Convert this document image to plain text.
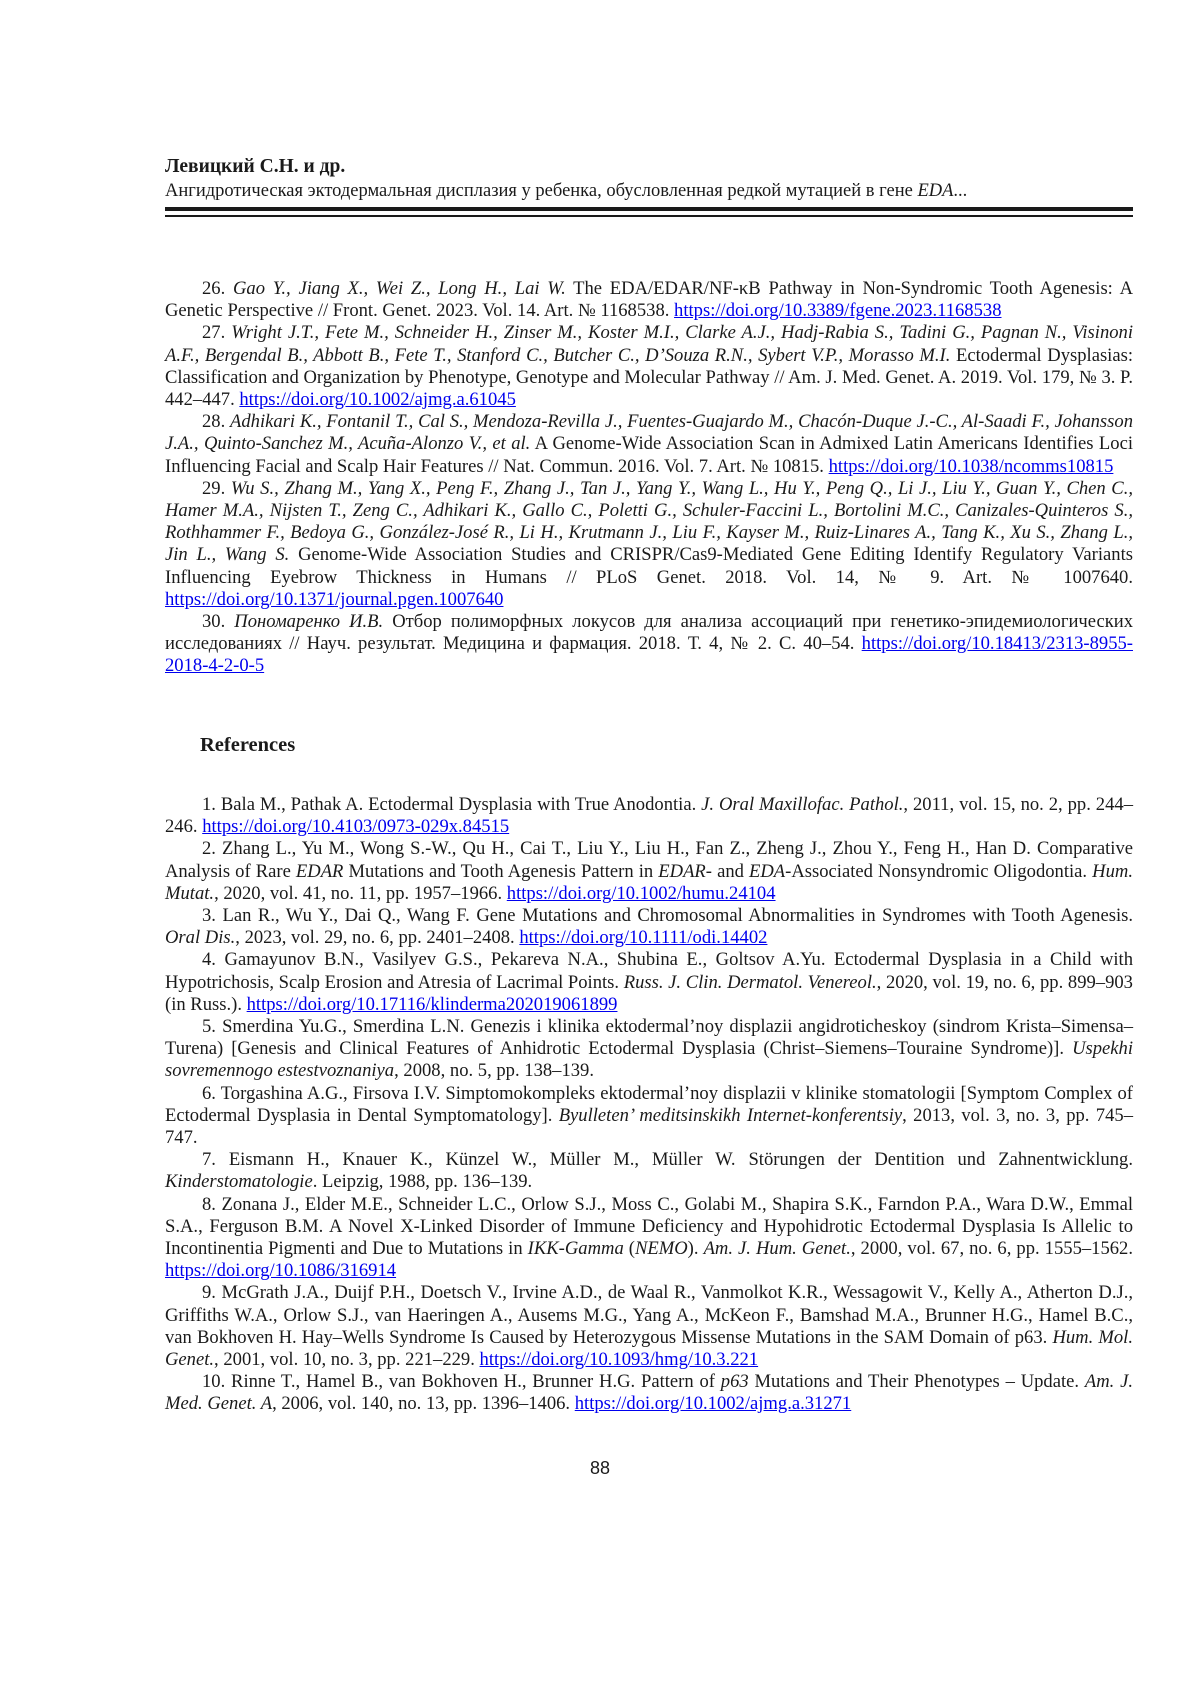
Левицкий С.Н. и др.
Ангидротическая эктодермальная дисплазия у ребенка, обусловленная редкой мутацией в гене EDA...

26. Gao Y., Jiang X., Wei Z., Long H., Lai W. The EDA/EDAR/NF-κB Pathway in Non-Syndromic Tooth Agenesis: A Genetic Perspective // Front. Genet. 2023. Vol. 14. Art. № 1168538. https://doi.org/10.3389/fgene.2023.1168538

27. Wright J.T., Fete M., Schneider H., Zinser M., Koster M.I., Clarke A.J., Hadj-Rabia S., Tadini G., Pagnan N., Visinoni A.F., Bergendal B., Abbott B., Fete T., Stanford C., Butcher C., D’Souza R.N., Sybert V.P., Morasso M.I. Ectodermal Dysplasias: Classification and Organization by Phenotype, Genotype and Molecular Pathway // Am. J. Med. Genet. A. 2019. Vol. 179, № 3. P. 442–447. https://doi.org/10.1002/ajmg.a.61045

28. Adhikari K., Fontanil T., Cal S., Mendoza-Revilla J., Fuentes-Guajardo M., Chacón-Duque J.-C., Al-Saadi F., Johansson J.A., Quinto-Sanchez M., Acuña-Alonzo V., et al. A Genome-Wide Association Scan in Admixed Latin Americans Identifies Loci Influencing Facial and Scalp Hair Features // Nat. Commun. 2016. Vol. 7. Art. № 10815. https://doi.org/10.1038/ncomms10815

29. Wu S., Zhang M., Yang X., Peng F., Zhang J., Tan J., Yang Y., Wang L., Hu Y., Peng Q., Li J., Liu Y., Guan Y., Chen C., Hamer M.A., Nijsten T., Zeng C., Adhikari K., Gallo C., Poletti G., Schuler-Faccini L., Bortolini M.C., Canizales-Quinteros S., Rothhammer F., Bedoya G., González-José R., Li H., Krutmann J., Liu F., Kayser M., Ruiz-Linares A., Tang K., Xu S., Zhang L., Jin L., Wang S. Genome-Wide Association Studies and CRISPR/Cas9-Mediated Gene Editing Identify Regulatory Variants Influencing Eyebrow Thickness in Humans // PLoS Genet. 2018. Vol. 14, № 9. Art. № 1007640. https://doi.org/10.1371/journal.pgen.1007640

30. Пономаренко И.В. Отбор полиморфных локусов для анализа ассоциаций при генетико-эпидемиологических исследованиях // Науч. результат. Медицина и фармация. 2018. Т. 4, № 2. С. 40–54. https://doi.org/10.18413/2313-8955-2018-4-2-0-5

References

1. Bala M., Pathak A. Ectodermal Dysplasia with True Anodontia. J. Oral Maxillofac. Pathol., 2011, vol. 15, no. 2, pp. 244–246. https://doi.org/10.4103/0973-029x.84515

2. Zhang L., Yu M., Wong S.-W., Qu H., Cai T., Liu Y., Liu H., Fan Z., Zheng J., Zhou Y., Feng H., Han D. Comparative Analysis of Rare EDAR Mutations and Tooth Agenesis Pattern in EDAR- and EDA-Associated Nonsyndromic Oligodontia. Hum. Mutat., 2020, vol. 41, no. 11, pp. 1957–1966. https://doi.org/10.1002/humu.24104

3. Lan R., Wu Y., Dai Q., Wang F. Gene Mutations and Chromosomal Abnormalities in Syndromes with Tooth Agenesis. Oral Dis., 2023, vol. 29, no. 6, pp. 2401–2408. https://doi.org/10.1111/odi.14402

4. Gamayunov B.N., Vasilyev G.S., Pekareva N.A., Shubina E., Goltsov A.Yu. Ectodermal Dysplasia in a Child with Hypotrichosis, Scalp Erosion and Atresia of Lacrimal Points. Russ. J. Clin. Dermatol. Venereol., 2020, vol. 19, no. 6, pp. 899–903 (in Russ.). https://doi.org/10.17116/klinderma202019061899

5. Smerdina Yu.G., Smerdina L.N. Genezis i klinika ektodermal’noy displazii angidroticheskoy (sindrom Krista–Simensa–Turena) [Genesis and Clinical Features of Anhidrotic Ectodermal Dysplasia (Christ–Siemens–Touraine Syndrome)]. Uspekhi sovremennogo estestvoznaniya, 2008, no. 5, pp. 138–139.

6. Torgashina A.G., Firsova I.V. Simptomokompleks ektodermal’noy displazii v klinike stomatologii [Symptom Complex of Ectodermal Dysplasia in Dental Symptomatology]. Byulleten’ meditsinskikh Internet-konferentsiy, 2013, vol. 3, no. 3, pp. 745–747.

7. Eismann H., Knauer K., Künzel W., Müller M., Müller W. Störungen der Dentition und Zahnentwicklung. Kinderstomatologie. Leipzig, 1988, pp. 136–139.

8. Zonana J., Elder M.E., Schneider L.C., Orlow S.J., Moss C., Golabi M., Shapira S.K., Farndon P.A., Wara D.W., Emmal S.A., Ferguson B.M. A Novel X-Linked Disorder of Immune Deficiency and Hypohidrotic Ectodermal Dysplasia Is Allelic to Incontinentia Pigmenti and Due to Mutations in IKK-Gamma (NEMO). Am. J. Hum. Genet., 2000, vol. 67, no. 6, pp. 1555–1562. https://doi.org/10.1086/316914

9. McGrath J.A., Duijf P.H., Doetsch V., Irvine A.D., de Waal R., Vanmolkot K.R., Wessagowit V., Kelly A., Atherton D.J., Griffiths W.A., Orlow S.J., van Haeringen A., Ausems M.G., Yang A., McKeon F., Bamshad M.A., Brunner H.G., Hamel B.C., van Bokhoven H. Hay–Wells Syndrome Is Caused by Heterozygous Missense Mutations in the SAM Domain of p63. Hum. Mol. Genet., 2001, vol. 10, no. 3, pp. 221–229. https://doi.org/10.1093/hmg/10.3.221

10. Rinne T., Hamel B., van Bokhoven H., Brunner H.G. Pattern of p63 Mutations and Their Phenotypes – Update. Am. J. Med. Genet. A, 2006, vol. 140, no. 13, pp. 1396–1406. https://doi.org/10.1002/ajmg.a.31271

88
